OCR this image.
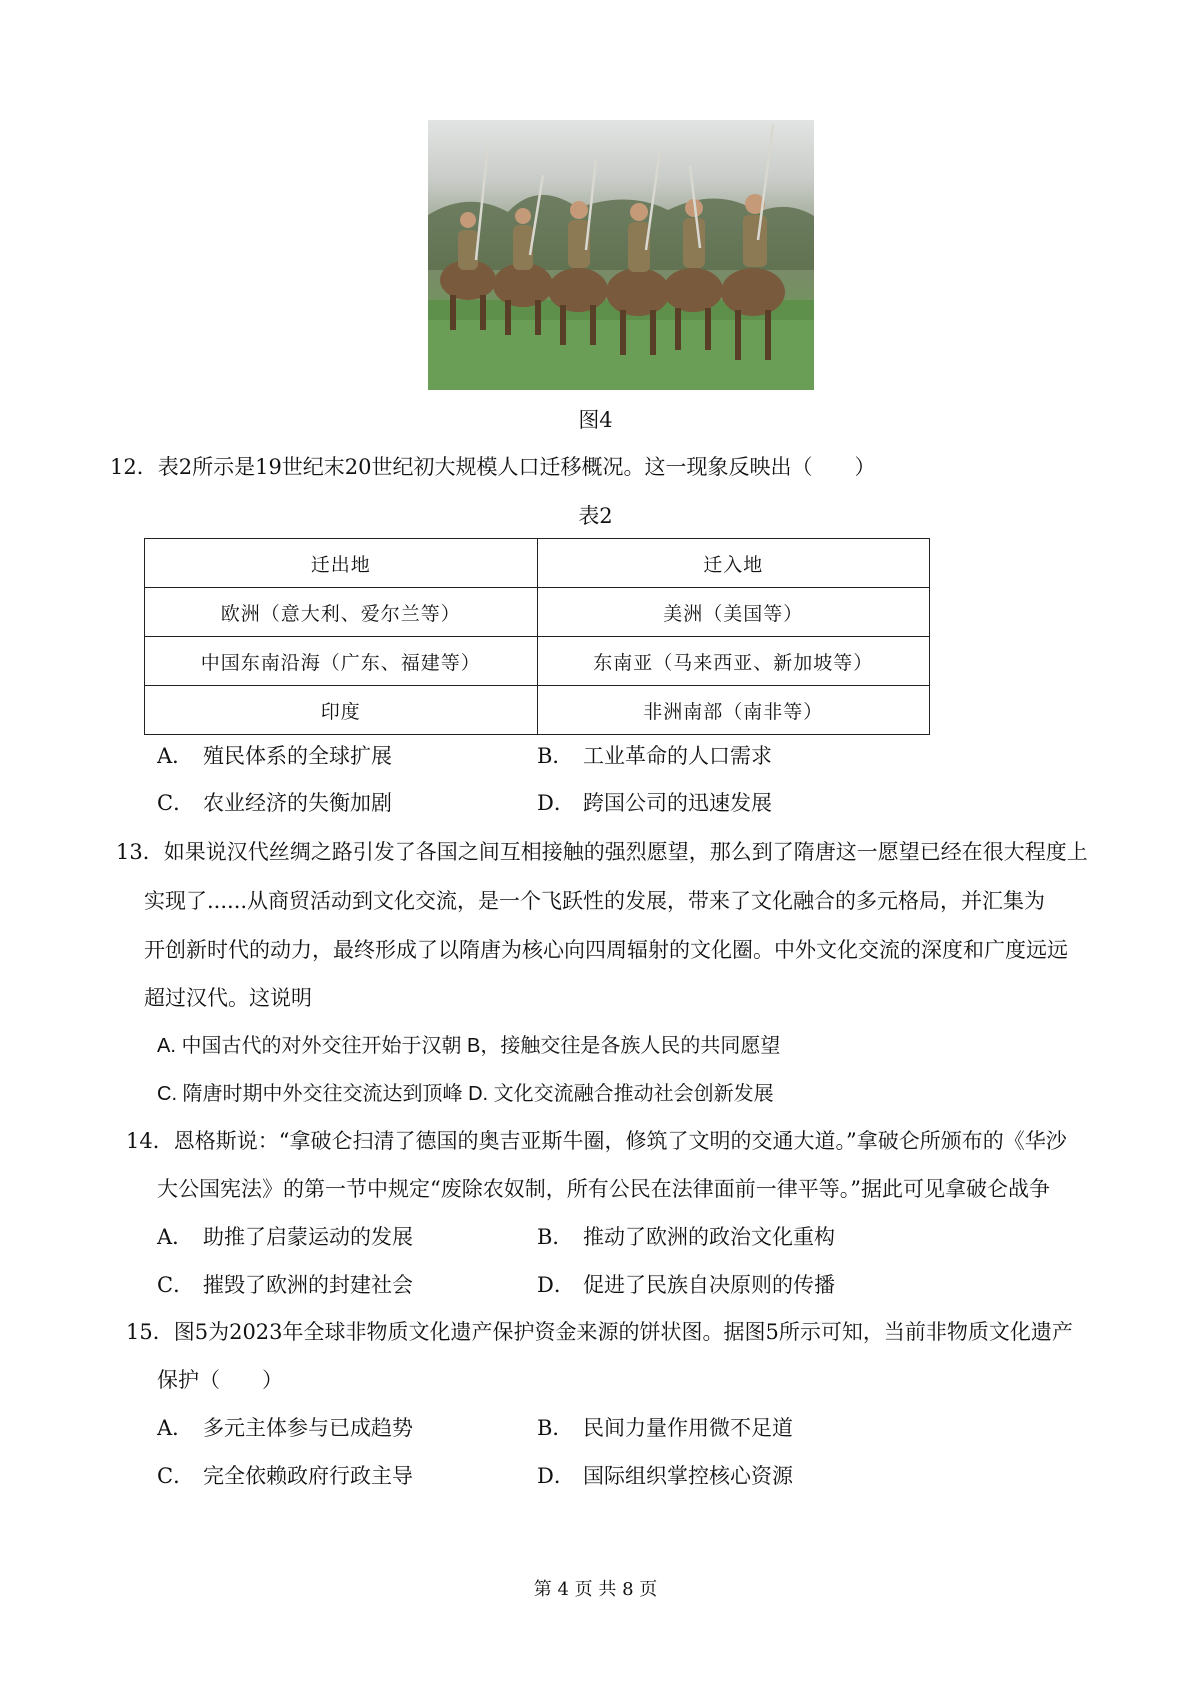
图4
12．表2所示是19世纪末20世纪初大规模人口迁移概况。这一现象反映出（　　）
表2
迁出地	迁入地
欧洲（意大利、爱尔兰等）	美洲（美国等）
中国东南沿海（广东、福建等）	东南亚（马来西亚、新加坡等）
印度	非洲南部（南非等）
A． 殖民体系的全球扩展	B． 工业革命的人口需求
C． 农业经济的失衡加剧	D． 跨国公司的迅速发展
13．如果说汉代丝绸之路引发了各国之间互相接触的强烈愿望，那么到了隋唐这一愿望已经在很大程度上
实现了......从商贸活动到文化交流，是一个飞跃性的发展，带来了文化融合的多元格局，并汇集为
开创新时代的动力，最终形成了以隋唐为核心向四周辐射的文化圈。中外文化交流的深度和广度远远
超过汉代。这说明
A. 中国古代的对外交往开始于汉朝 B，接触交往是各族人民的共同愿望
C. 隋唐时期中外交往交流达到顶峰 D. 文化交流融合推动社会创新发展
14．恩格斯说：“拿破仑扫清了德国的奥吉亚斯牛圈，修筑了文明的交通大道。”拿破仑所颁布的《华沙
大公国宪法》的第一节中规定“废除农奴制，所有公民在法律面前一律平等。”据此可见拿破仑战争
A． 助推了启蒙运动的发展	B． 推动了欧洲的政治文化重构
C． 摧毁了欧洲的封建社会	D． 促进了民族自决原则的传播
15．图5为2023年全球非物质文化遗产保护资金来源的饼状图。据图5所示可知，当前非物质文化遗产
保护（　　）
A． 多元主体参与已成趋势	B． 民间力量作用微不足道
C． 完全依赖政府行政主导	D． 国际组织掌控核心资源
第 4 页 共 8 页
